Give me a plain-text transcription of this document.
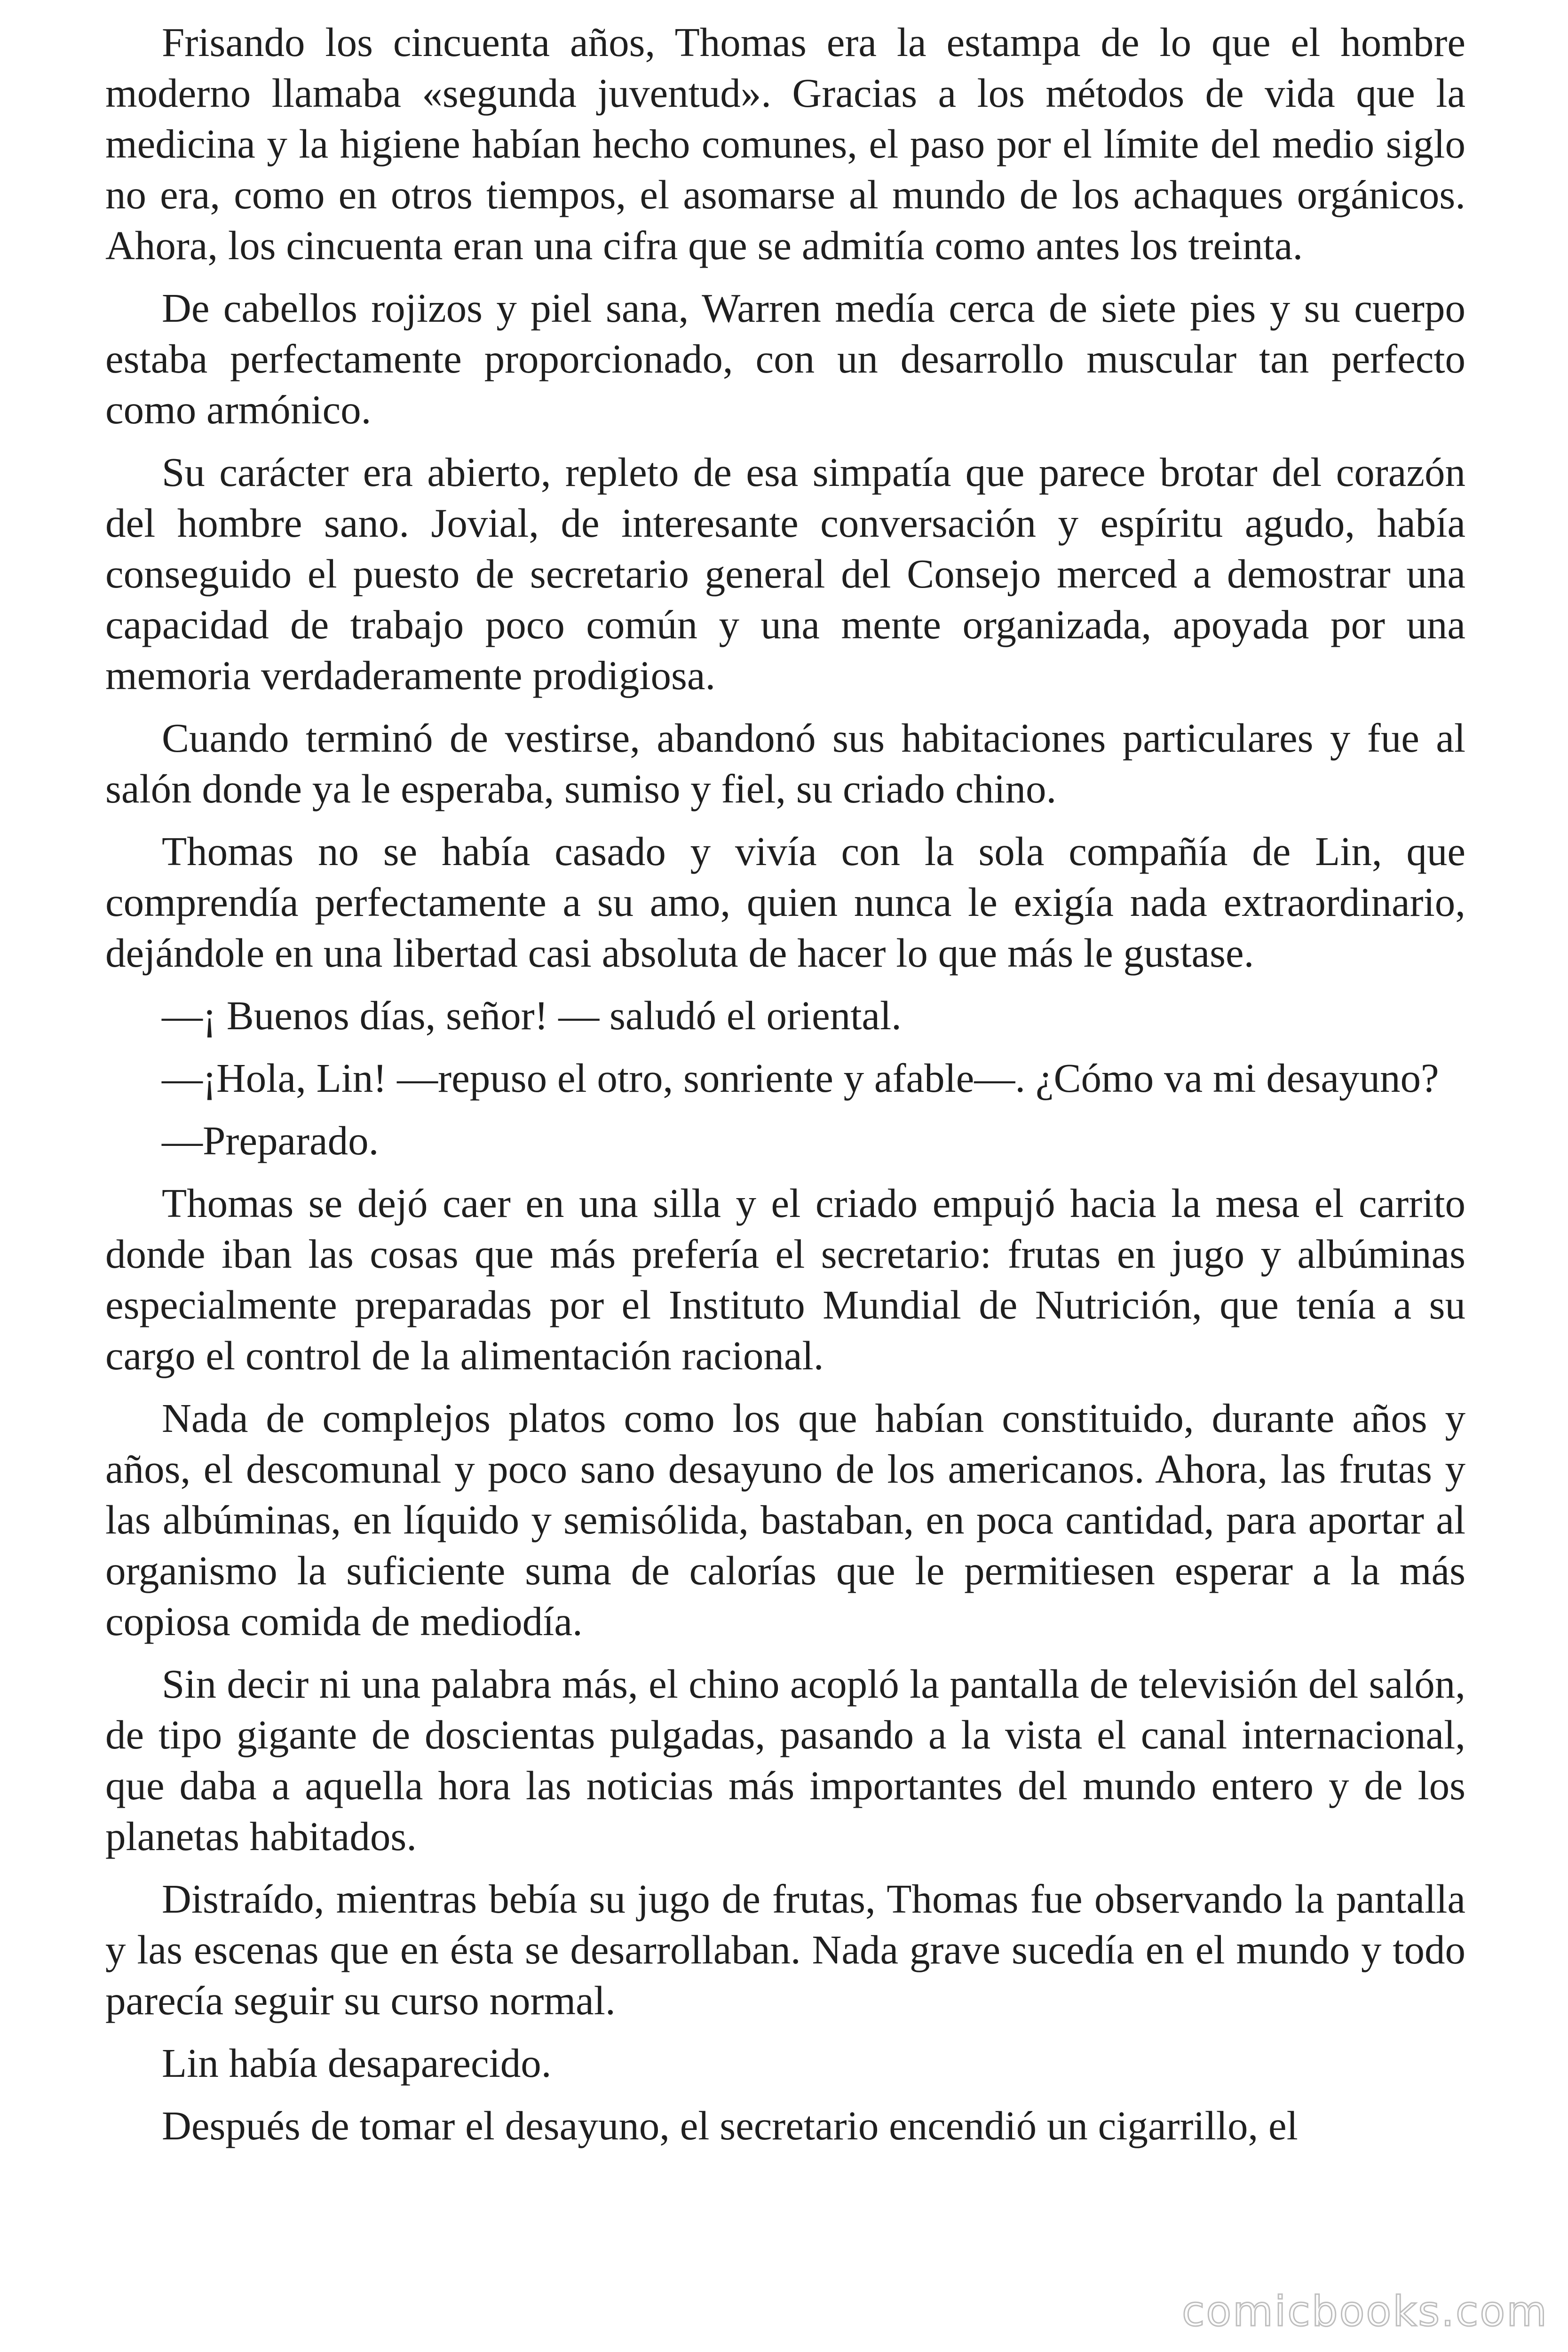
Frisando los cincuenta años, Thomas era la estampa de lo que el hombre moderno llamaba «segunda juventud». Gracias a los métodos de vida que la medicina y la higiene habían hecho comunes, el paso por el límite del medio siglo no era, como en otros tiempos, el asomarse al mundo de los achaques orgánicos. Ahora, los cincuenta eran una cifra que se admitía como antes los treinta.

De cabellos rojizos y piel sana, Warren medía cerca de siete pies y su cuerpo estaba perfectamente proporcionado, con un desarrollo muscular tan perfecto como armónico.

Su carácter era abierto, repleto de esa simpatía que parece brotar del corazón del hombre sano. Jovial, de interesante conversación y espíritu agudo, había conseguido el puesto de secretario general del Consejo merced a demostrar una capacidad de trabajo poco común y una mente organizada, apoyada por una memoria verdaderamente prodigiosa.

Cuando terminó de vestirse, abandonó sus habitaciones particulares y fue al salón donde ya le esperaba, sumiso y fiel, su criado chino.

Thomas no se había casado y vivía con la sola compañía de Lin, que comprendía perfectamente a su amo, quien nunca le exigía nada extraordinario, dejándole en una libertad casi absoluta de hacer lo que más le gustase.

—¡ Buenos días, señor! — saludó el oriental.

—¡Hola, Lin! —repuso el otro, sonriente y afable—. ¿Cómo va mi desayuno?

—Preparado.

Thomas se dejó caer en una silla y el criado empujó hacia la mesa el carrito donde iban las cosas que más prefería el secretario: frutas en jugo y albúminas especialmente preparadas por el Instituto Mundial de Nutrición, que tenía a su cargo el control de la alimentación racional.

Nada de complejos platos como los que habían constituido, durante años y años, el descomunal y poco sano desayuno de los americanos. Ahora, las frutas y las albúminas, en líquido y semisólida, bastaban, en poca cantidad, para aportar al organismo la suficiente suma de calorías que le permitiesen esperar a la más copiosa comida de mediodía.

Sin decir ni una palabra más, el chino acopló la pantalla de televisión del salón, de tipo gigante de doscientas pulgadas, pasando a la vista el canal internacional, que daba a aquella hora las noticias más importantes del mundo entero y de los planetas habitados.

Distraído, mientras bebía su jugo de frutas, Thomas fue observando la pantalla y las escenas que en ésta se desarrollaban. Nada grave sucedía en el mundo y todo parecía seguir su curso normal.

Lin había desaparecido.

Después de tomar el desayuno, el secretario encendió un cigarrillo, el

comicbooks.com
